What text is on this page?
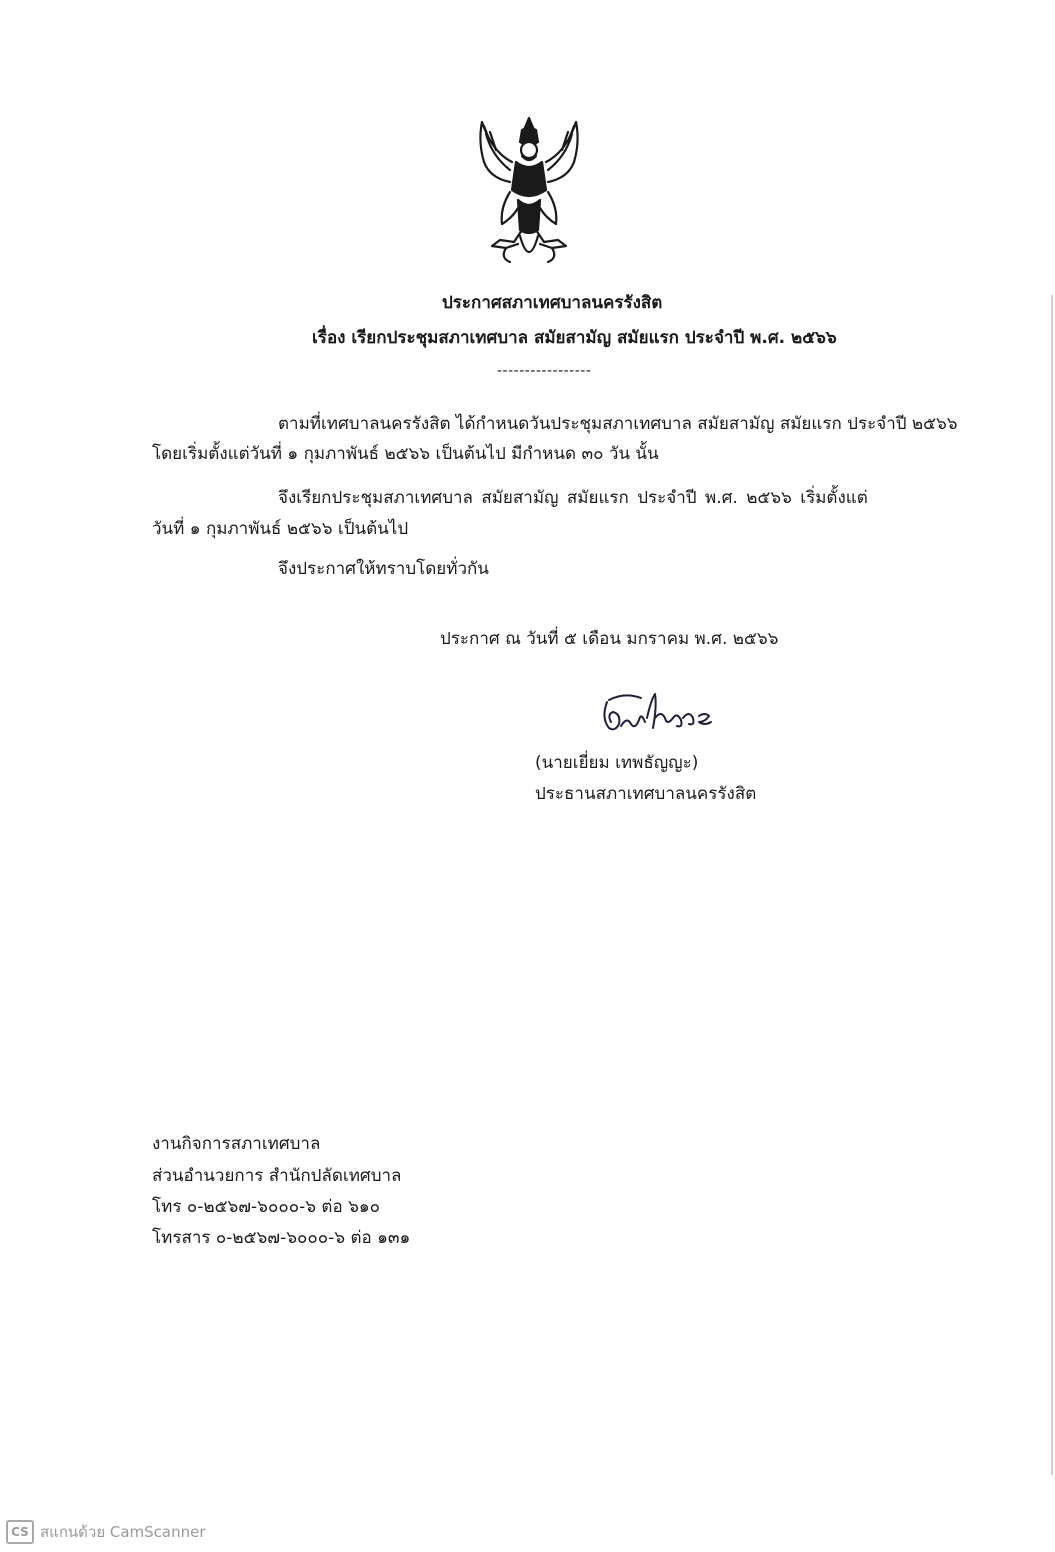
ประกาศสภาเทศบาลนครรังสิต
เรื่อง เรียกประชุมสภาเทศบาล สมัยสามัญ สมัยแรก ประจำปี พ.ศ. ๒๕๖๖
-----------------
ตามที่เทศบาลนครรังสิต ได้กำหนดวันประชุมสภาเทศบาล สมัยสามัญ สมัยแรก ประจำปี ๒๕๖๖
โดยเริ่มตั้งแต่วันที่ ๑ กุมภาพันธ์ ๒๕๖๖ เป็นต้นไป มีกำหนด ๓๐ วัน นั้น
จึงเรียกประชุมสภาเทศบาล สมัยสามัญ สมัยแรก ประจำปี พ.ศ. ๒๕๖๖ เริ่มตั้งแต่
วันที่ ๑ กุมภาพันธ์ ๒๕๖๖ เป็นต้นไป
จึงประกาศให้ทราบโดยทั่วกัน
ประกาศ ณ วันที่ ๕ เดือน มกราคม พ.ศ. ๒๕๖๖
(นายเยี่ยม เทพธัญญะ)
ประธานสภาเทศบาลนครรังสิต
งานกิจการสภาเทศบาล
ส่วนอำนวยการ สำนักปลัดเทศบาล
โทร ๐-๒๕๖๗-๖๐๐๐-๖ ต่อ ๖๑๐
โทรสาร ๐-๒๕๖๗-๖๐๐๐-๖ ต่อ ๑๓๑
CS สแกนด้วย CamScanner
